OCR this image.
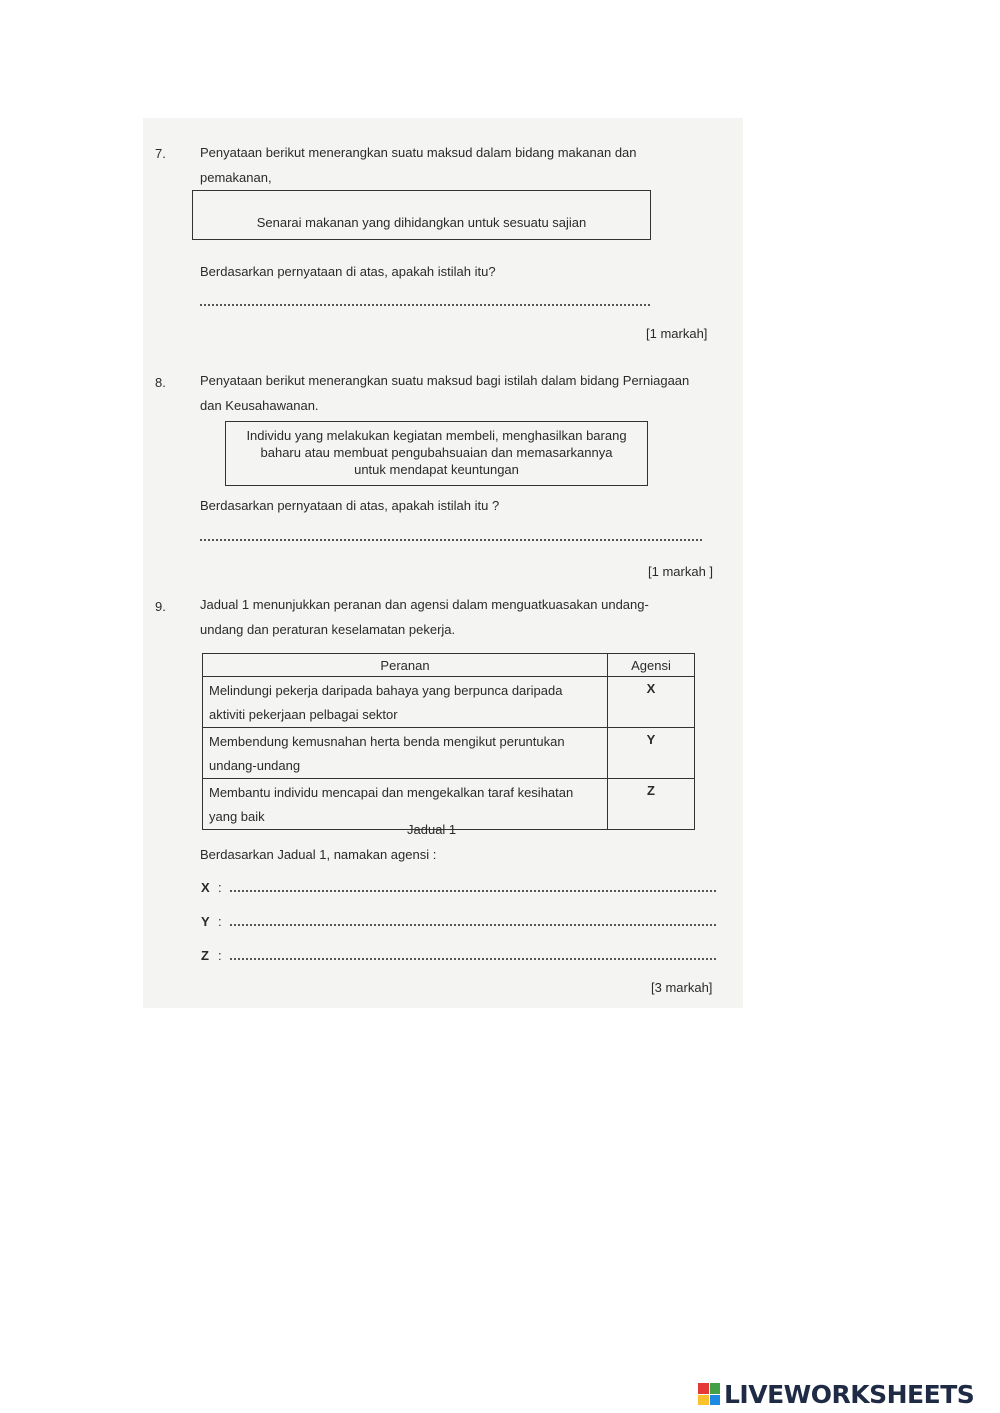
7.	Penyataan berikut menerangkan suatu maksud dalam bidang makanan dan
pemakanan,
Senarai makanan yang dihidangkan untuk sesuatu sajian
Berdasarkan pernyataan di atas, apakah istilah itu?
[1 markah]
8.	Penyataan berikut menerangkan suatu maksud bagi istilah dalam bidang Perniagaan
dan Keusahawanan.
Individu yang melakukan kegiatan membeli, menghasilkan barang
baharu atau membuat pengubahsuaian dan memasarkannya
untuk mendapat keuntungan
Berdasarkan pernyataan di atas, apakah istilah itu ?
[1 markah ]
9.	Jadual 1 menunjukkan peranan dan agensi dalam menguatkuasakan undang-
undang dan peraturan keselamatan pekerja.
Peranan	Agensi
Melindungi pekerja daripada bahaya yang berpunca daripada aktiviti pekerjaan pelbagai sektor	X
Membendung kemusnahan herta benda mengikut peruntukan undang-undang	Y
Membantu individu mencapai dan mengekalkan taraf kesihatan yang baik	Z
Jadual 1
Berdasarkan Jadual 1, namakan agensi :
X :
Y :
Z :
[3 markah]
LIVEWORKSHEETS
